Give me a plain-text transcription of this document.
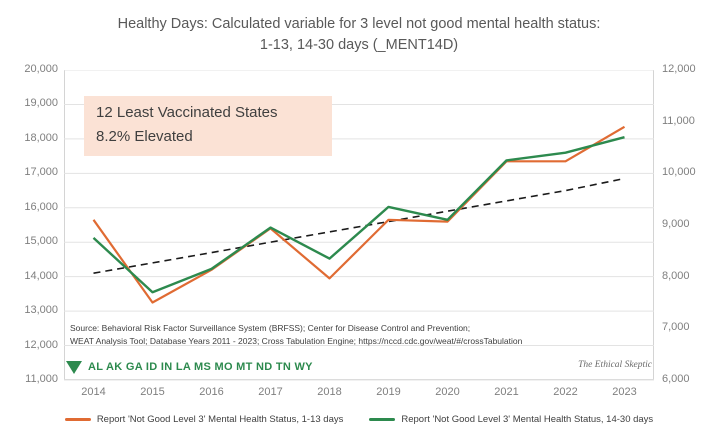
Healthy Days: Calculated variable for 3 level not good mental health status:
1-13, 14-30 days (_MENT14D)
11,000
12,000
13,000
14,000
15,000
16,000
17,000
18,000
19,000
20,000
6,000
7,000
8,000
9,000
10,000
11,000
12,000
2014	2015	2016	2017	2018	2019	2020	2021	2022	2023
12 Least Vaccinated States
8.2% Elevated
Source: Behavioral Risk Factor Surveillance System (BRFSS); Center for Disease Control and Prevention;
WEAT Analysis Tool; Database Years 2011 - 2023; Cross Tabulation Engine; https://nccd.cdc.gov/weat/#/crossTabulation
AL AK GA ID IN LA MS MO MT ND TN WY	The Ethical Skeptic
Report 'Not Good Level 3' Mental Health Status, 1-13 days	Report 'Not Good Level 3' Mental Health Status, 14-30 days
